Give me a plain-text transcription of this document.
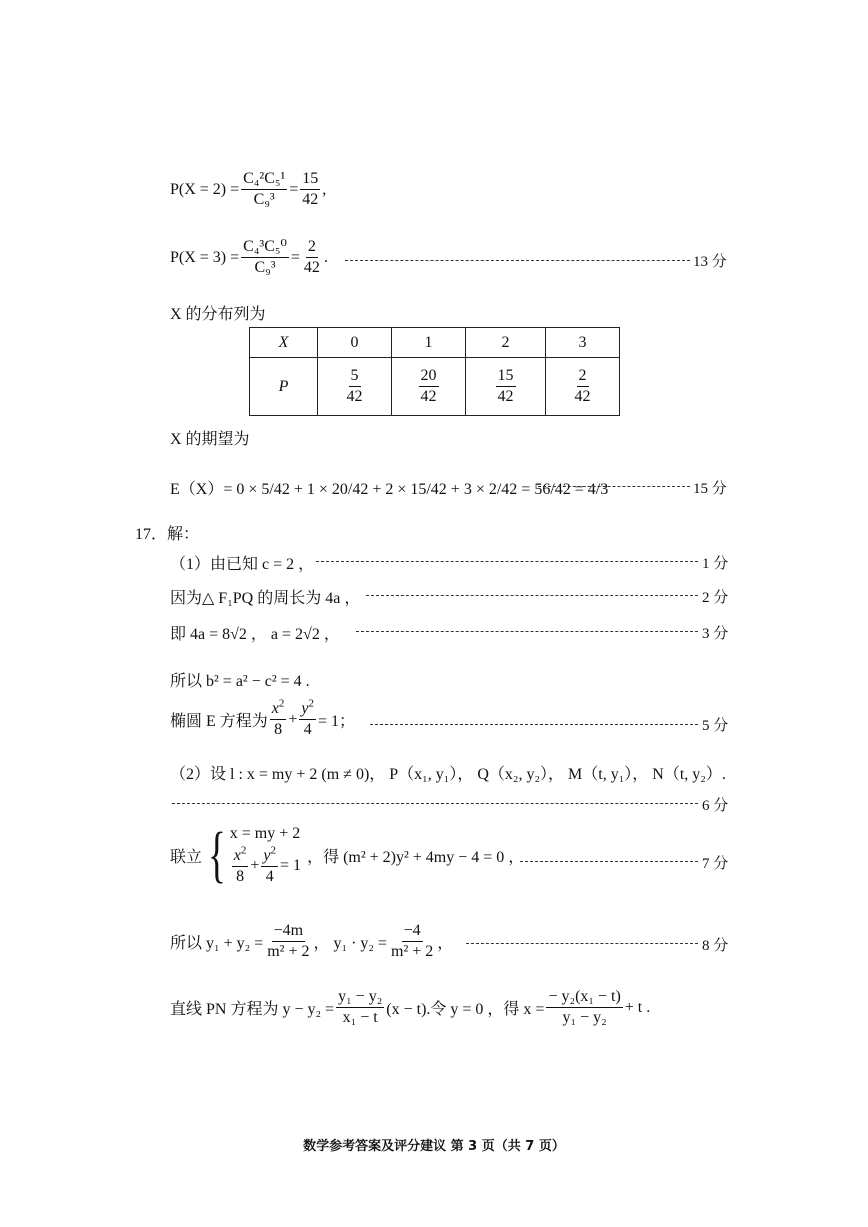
$P(X = 2) = \frac{\text{C₄²C₅¹}}{\text{C₉³}} = \frac{15}{42}$ ,
$P(X = 3) = \frac{\text{C₄³C₅⁰}}{\text{C₉³}} = \frac{2}{42}$ .	13 分
X 的分布列为
X	0	1	2	3
P	$\frac{5}{42}$	$\frac{20}{42}$	$\frac{15}{42}$	$\frac{2}{42}$
X 的期望为
E（X）= 0 × 5/42 + 1 × 20/42 + 2 × 15/42 + 3 × 2/42 = 56/42 = 4/3	15 分
17．解：
（1）由已知 c = 2 ，	1 分
因为△ F₁PQ 的周长为 4a ，	2 分
即 4a = 8√2 ， a = 2√2 ，	3 分
所以 b² = a² − c² = 4 .
椭圆 E 方程为 $\frac{x^2}{8} + \frac{y^2}{4} = 1$；	5 分
（2）设 l : x = my + 2 (m ≠ 0)， P（x₁, y₁）， Q（x₂, y₂）， M（t, y₁）， N（t, y₂）.
6 分
联立 { x = my + 2
$\frac{x^2}{8} + \frac{y^2}{4} = 1$ ，得 (m² + 2)y² + 4my − 4 = 0 ，	7 分
所以 $y_1 + y_2 = \frac{-4m}{\text{m² + 2}}$ ， $y_1 \cdot y_2 = \frac{-4}{\text{m² + 2}}$ ，	8 分
直线 PN 方程为 $y - y_2 = \frac{\text{y₁ − y₂}}{\text{x₁ − t}} (x - t)$.令 y = 0 ，得 $x = \frac{\text{− y₂(x₁ − t)}}{\text{y₁ − y₂}} + t$ .
数学参考答案及评分建议 第 3 页（共 7 页）
